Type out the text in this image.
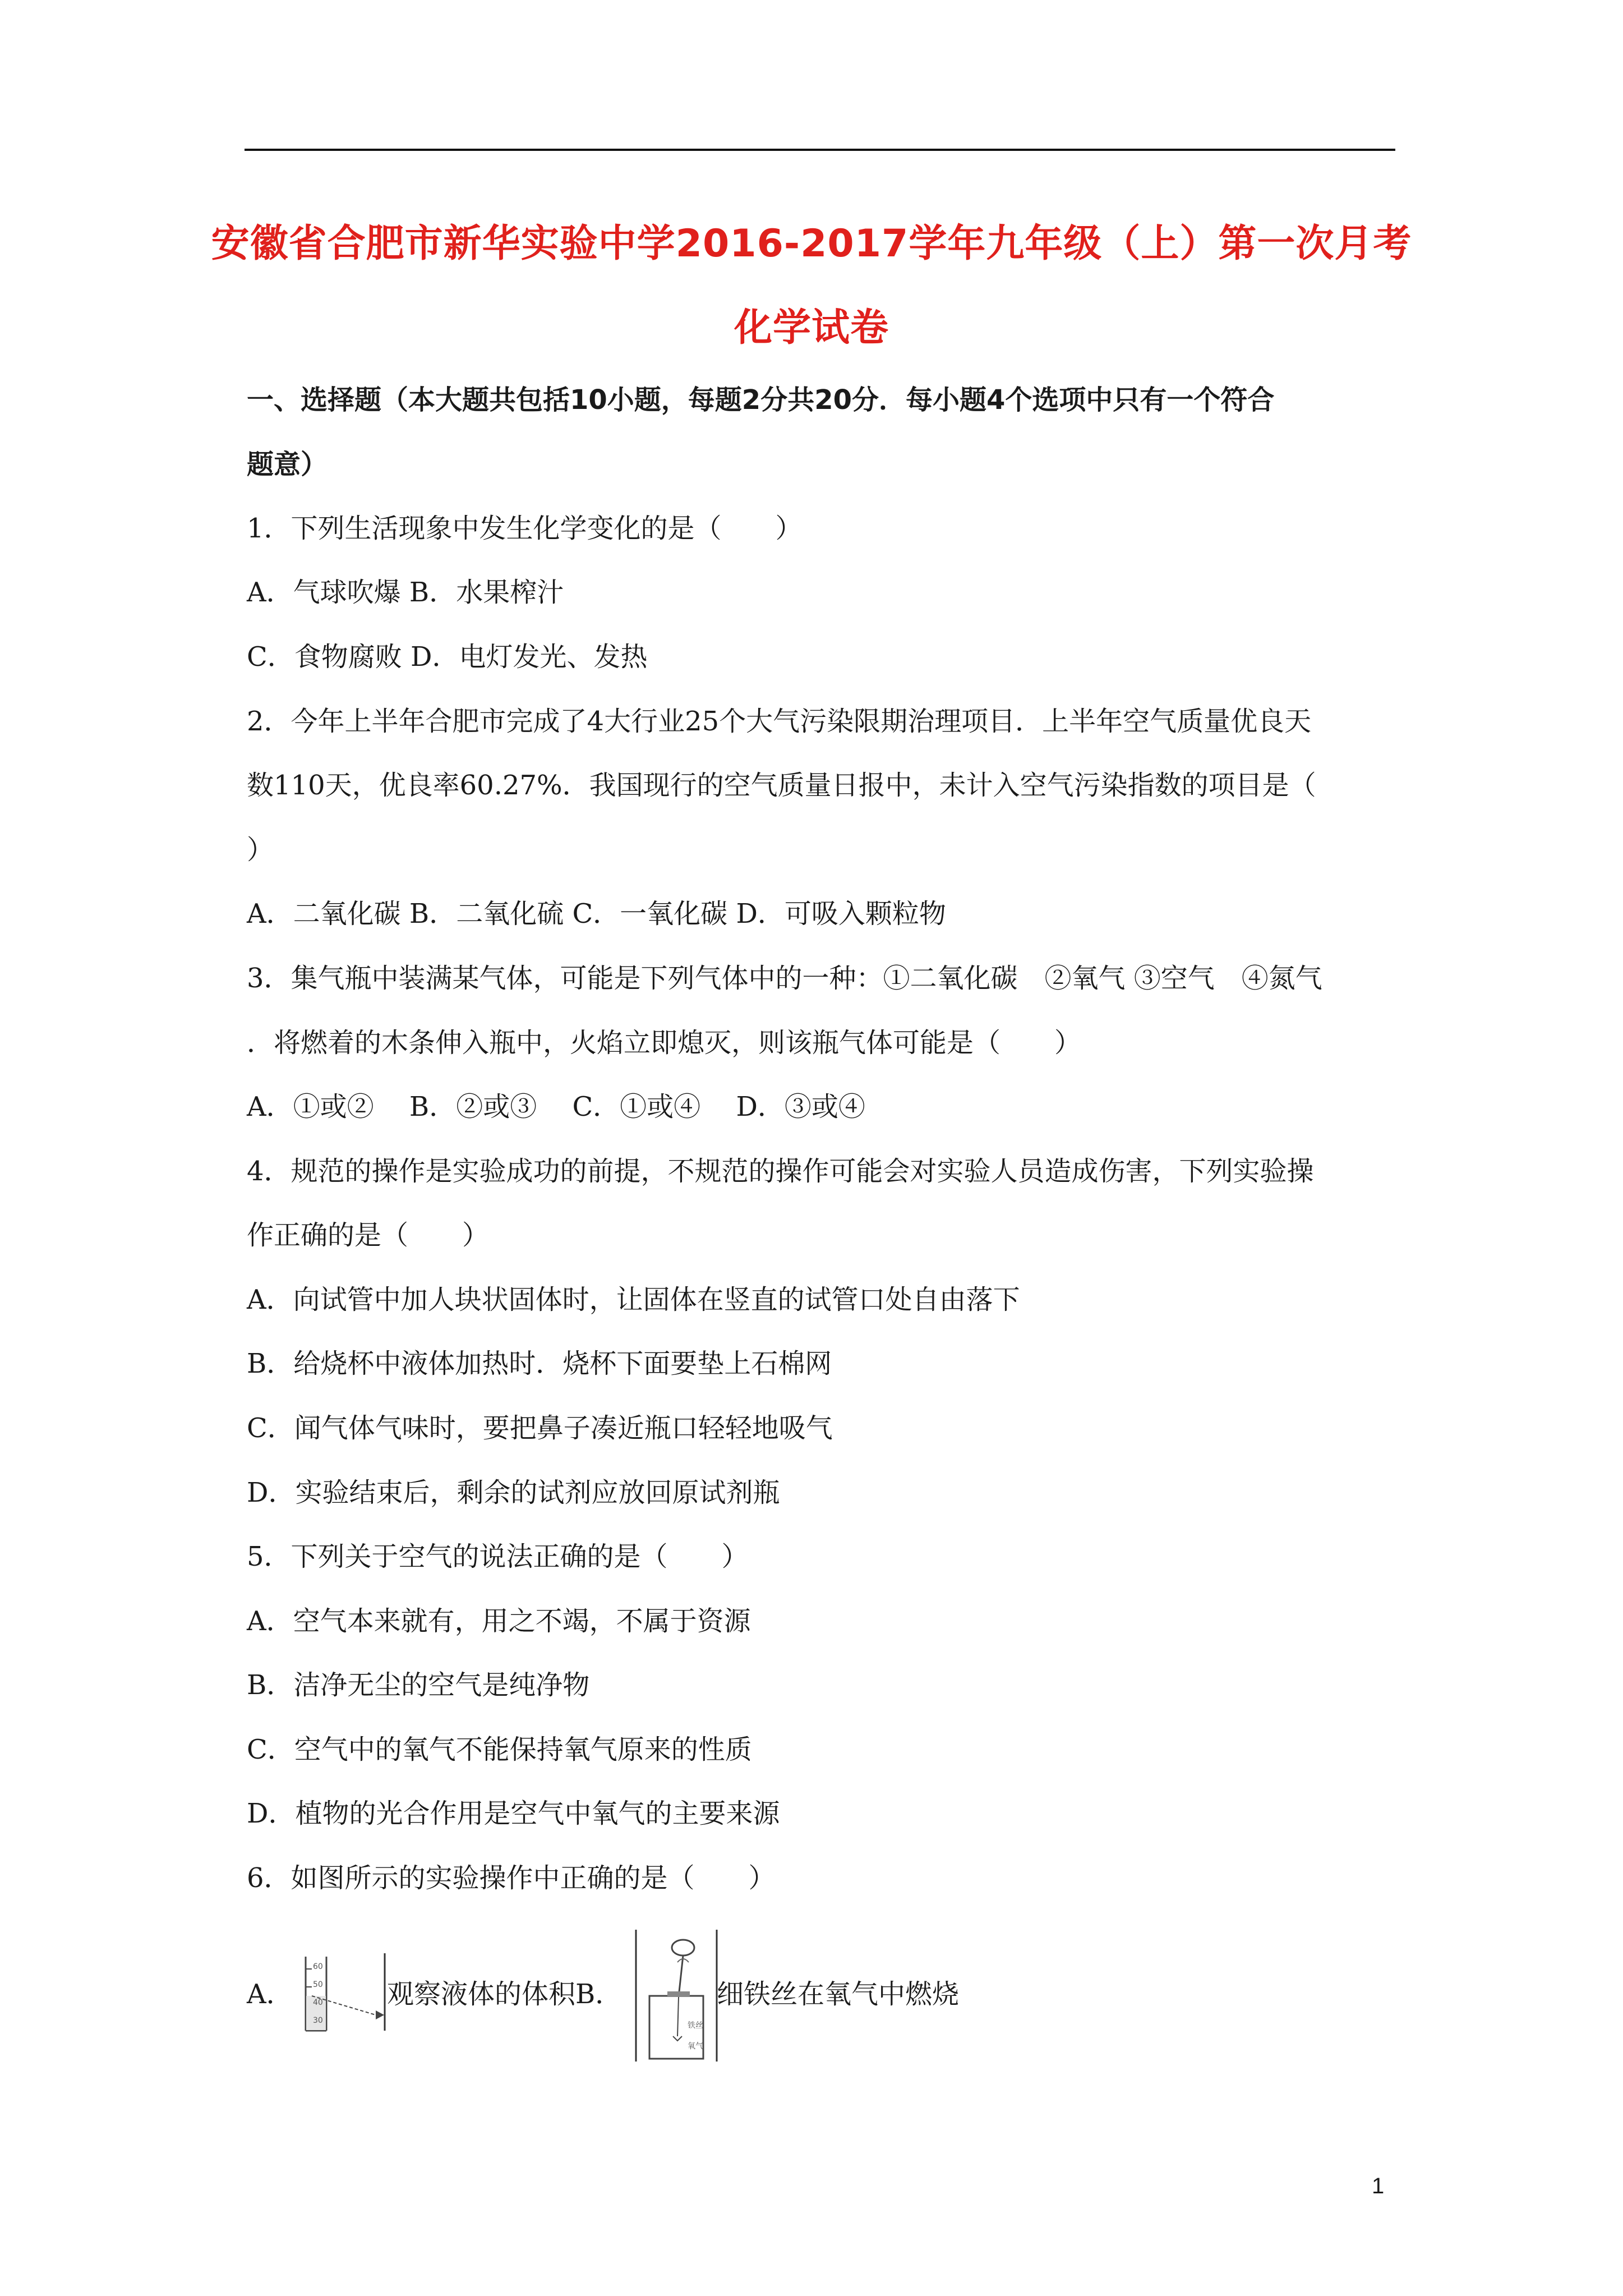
安徽省合肥市新华实验中学2016-2017学年九年级（上）第一次月考
化学试卷
一、选择题（本大题共包括10小题，每题2分共20分．每小题4个选项中只有一个符合
题意）
1．下列生活现象中发生化学变化的是（　　）
A．气球吹爆 B．水果榨汁
C．食物腐败 D．电灯发光、发热
2．今年上半年合肥市完成了4大行业25个大气污染限期治理项目．上半年空气质量优良天
数110天，优良率60.27%．我国现行的空气质量日报中，未计入空气污染指数的项目是（
）
A．二氧化碳 B．二氧化硫 C．一氧化碳 D．可吸入颗粒物
3．集气瓶中装满某气体，可能是下列气体中的一种：①二氧化碳　②氧气 ③空气　④氮气
．将燃着的木条伸入瓶中，火焰立即熄灭，则该瓶气体可能是（　　）
A．①或②　 B．②或③　 C．①或④　 D．③或④
4．规范的操作是实验成功的前提，不规范的操作可能会对实验人员造成伤害，下列实验操
作正确的是（　　）
A．向试管中加人块状固体时，让固体在竖直的试管口处自由落下
B．给烧杯中液体加热时．烧杯下面要垫上石棉网
C．闻气体气味时，要把鼻子凑近瓶口轻轻地吸气
D．实验结束后，剩余的试剂应放回原试剂瓶
5．下列关于空气的说法正确的是（　　）
A．空气本来就有，用之不竭，不属于资源
B．洁净无尘的空气是纯净物
C．空气中的氧气不能保持氧气原来的性质
D．植物的光合作用是空气中氧气的主要来源
6．如图所示的实验操作中正确的是（　　）
A．
60
50
40
30
观察液体的体积B．
铁丝
氧气
细铁丝在氧气中燃烧
1
